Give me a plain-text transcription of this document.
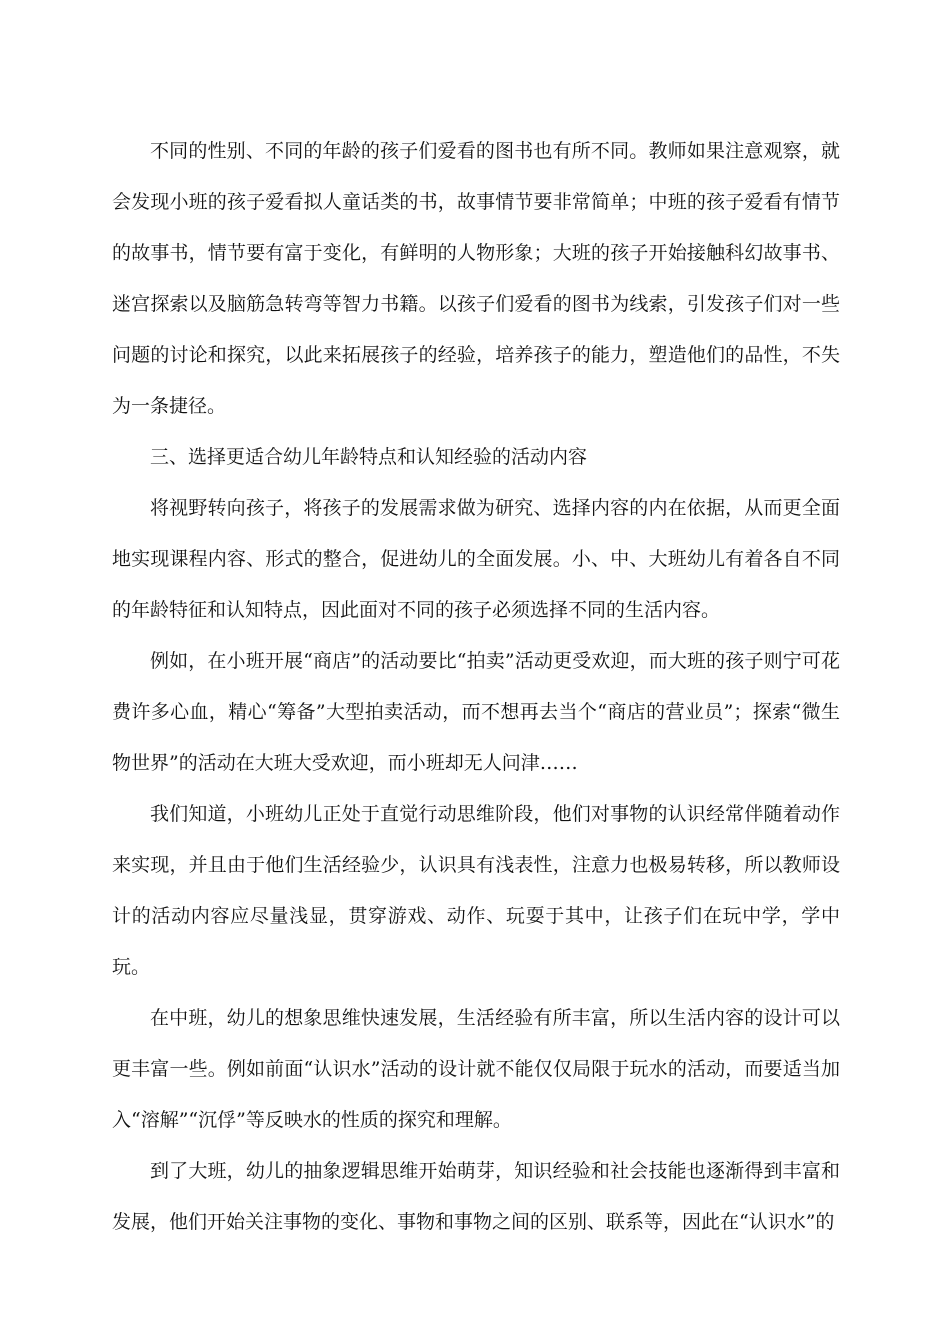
不同的性别、不同的年龄的孩子们爱看的图书也有所不同。教师如果注意观察，就会发现小班的孩子爱看拟人童话类的书，故事情节要非常简单；中班的孩子爱看有情节的故事书，情节要有富于变化，有鲜明的人物形象；大班的孩子开始接触科幻故事书、迷宫探索以及脑筋急转弯等智力书籍。以孩子们爱看的图书为线索，引发孩子们对一些问题的讨论和探究，以此来拓展孩子的经验，培养孩子的能力，塑造他们的品性，不失为一条捷径。

三、选择更适合幼儿年龄特点和认知经验的活动内容

将视野转向孩子，将孩子的发展需求做为研究、选择内容的内在依据，从而更全面地实现课程内容、形式的整合，促进幼儿的全面发展。小、中、大班幼儿有着各自不同的年龄特征和认知特点，因此面对不同的孩子必须选择不同的生活内容。

例如，在小班开展“商店”的活动要比“拍卖”活动更受欢迎，而大班的孩子则宁可花费许多心血，精心“筹备”大型拍卖活动，而不想再去当个“商店的营业员”；探索“微生物世界”的活动在大班大受欢迎，而小班却无人问津……

我们知道，小班幼儿正处于直觉行动思维阶段，他们对事物的认识经常伴随着动作来实现，并且由于他们生活经验少，认识具有浅表性，注意力也极易转移，所以教师设计的活动内容应尽量浅显，贯穿游戏、动作、玩耍于其中，让孩子们在玩中学，学中玩。

在中班，幼儿的想象思维快速发展，生活经验有所丰富，所以生活内容的设计可以更丰富一些。例如前面“认识水”活动的设计就不能仅仅局限于玩水的活动，而要适当加入“溶解”“沉俘”等反映水的性质的探究和理解。

到了大班，幼儿的抽象逻辑思维开始萌芽，知识经验和社会技能也逐渐得到丰富和发展，他们开始关注事物的变化、事物和事物之间的区别、联系等，因此在“认识水”的
